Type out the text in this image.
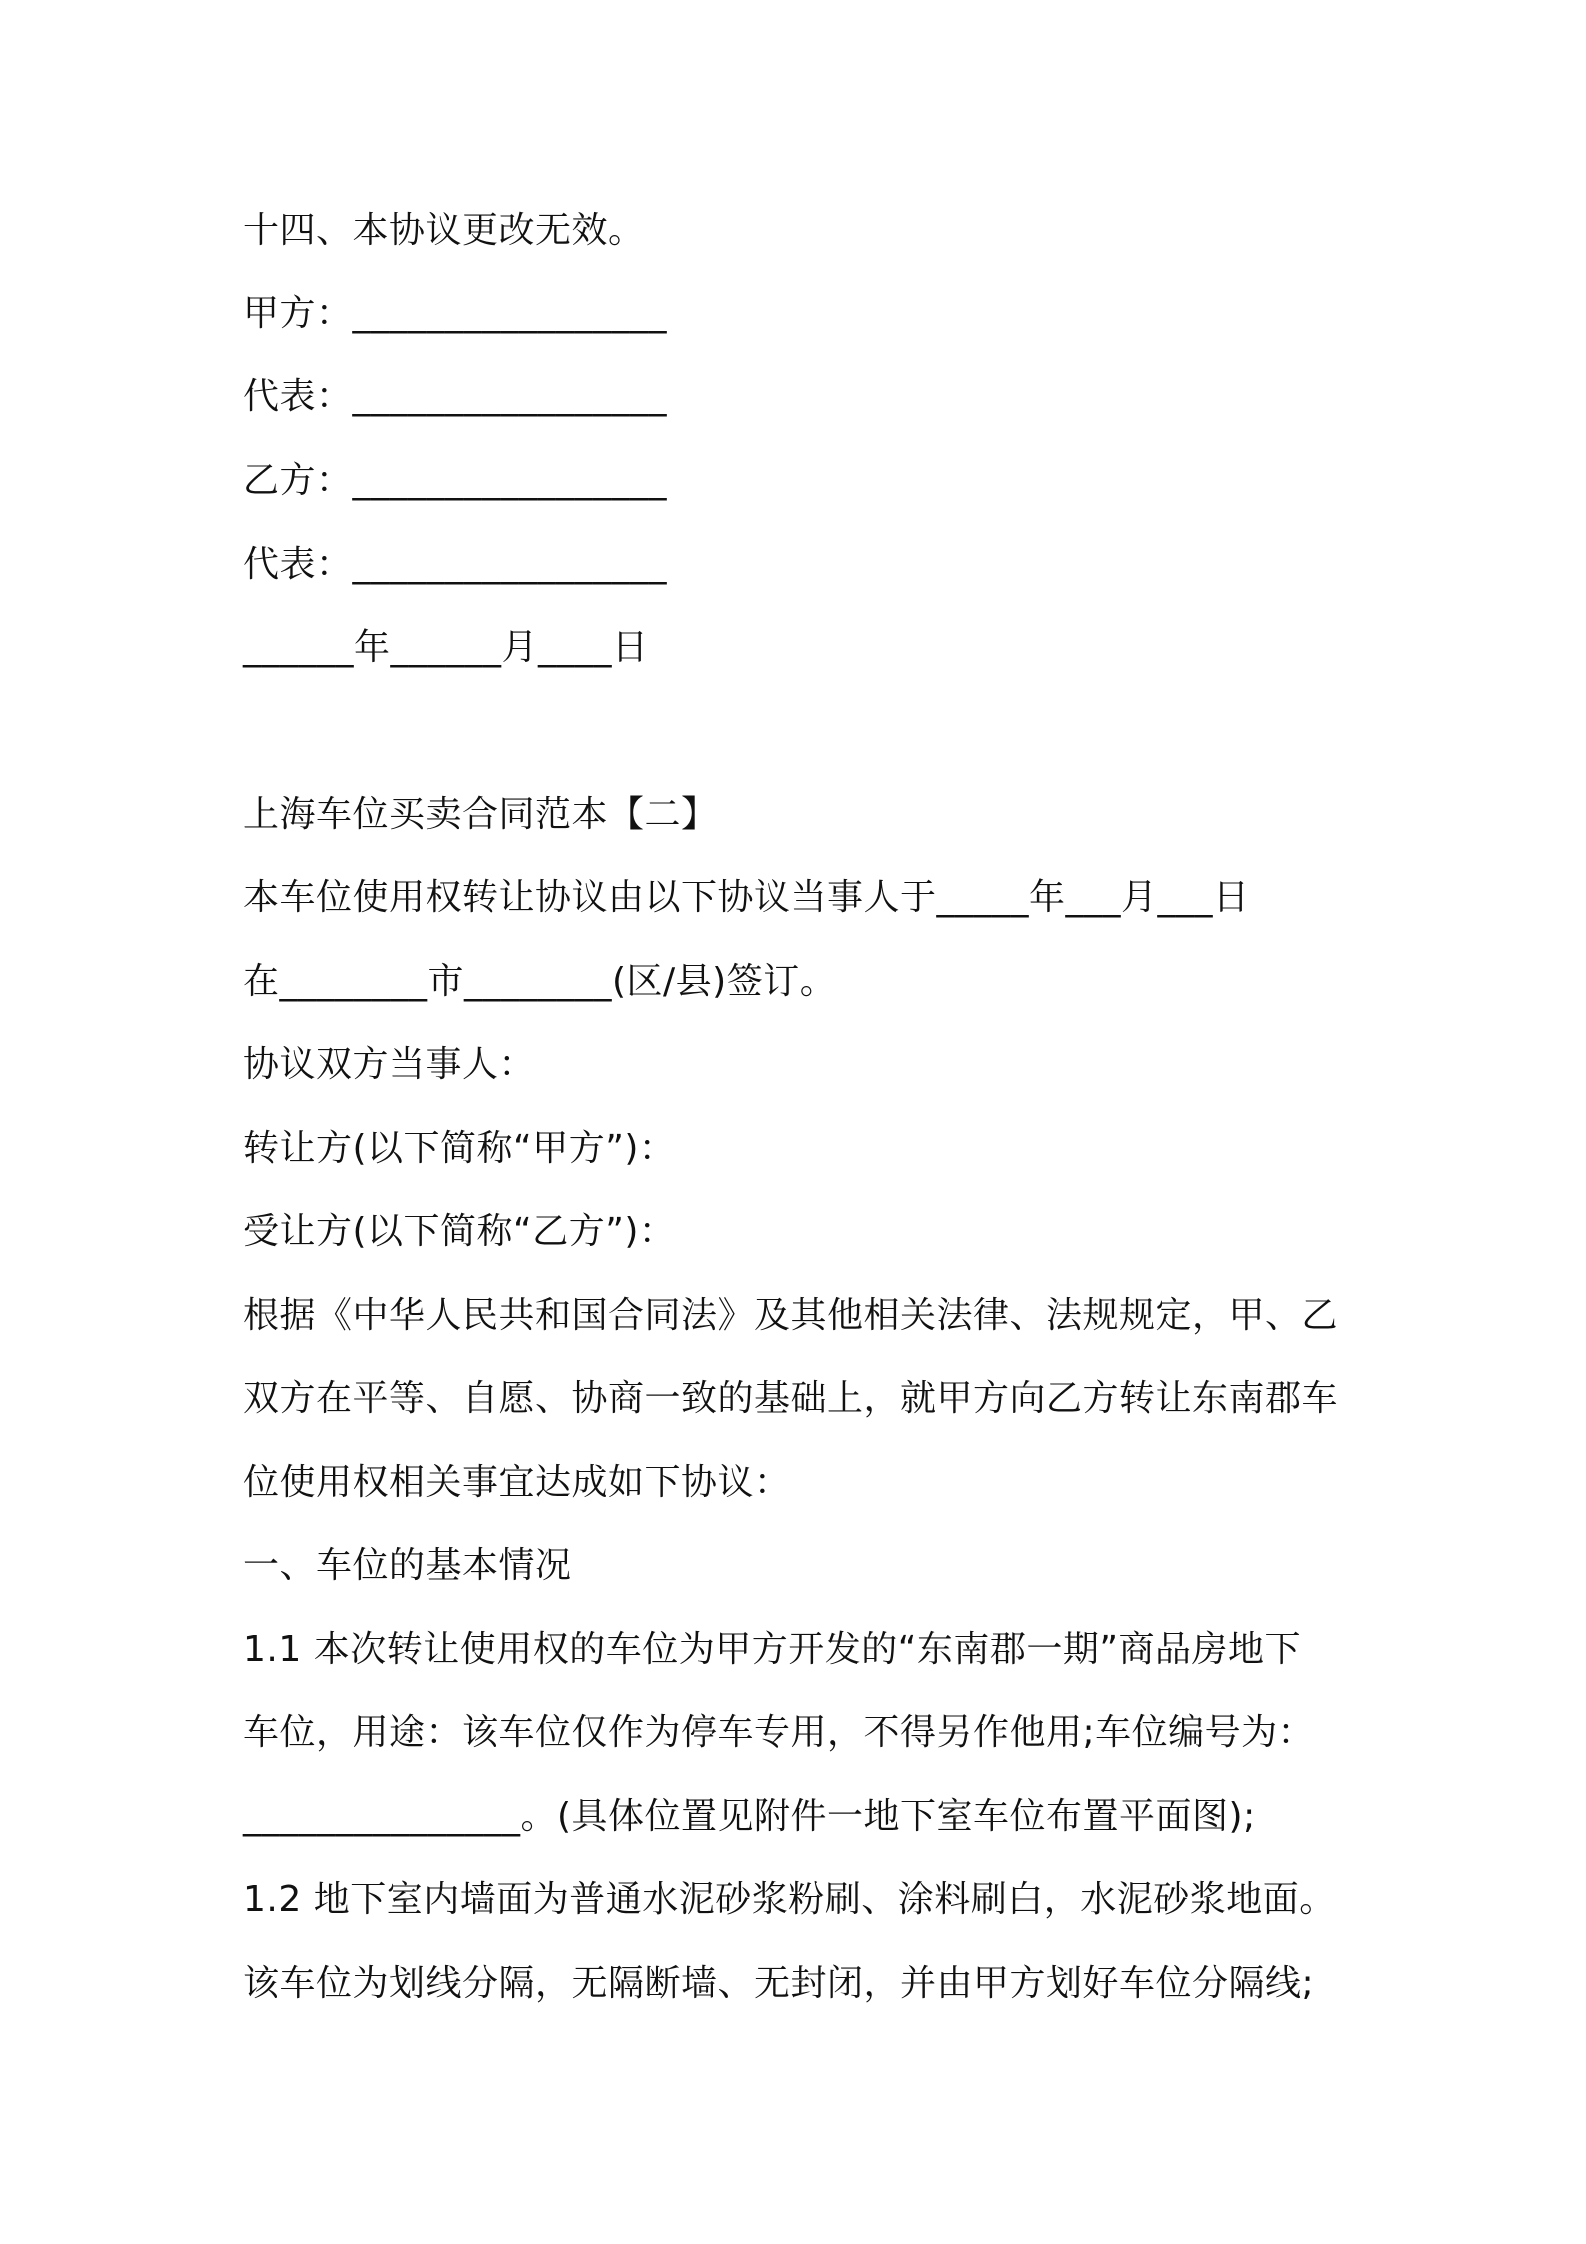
十四、本协议更改无效。
甲方：_________________
代表：_________________
乙方：_________________
代表：_________________
______年______月____日
上海车位买卖合同范本【二】
本车位使用权转让协议由以下协议当事人于_____年___月___日
在________市________(区/县)签订。
协议双方当事人：
转让方(以下简称“甲方”)：
受让方(以下简称“乙方”)：
根据《中华人民共和国合同法》及其他相关法律、法规规定，甲、乙
双方在平等、自愿、协商一致的基础上，就甲方向乙方转让东南郡车
位使用权相关事宜达成如下协议：
一、车位的基本情况
1.1 本次转让使用权的车位为甲方开发的“东南郡一期”商品房地下
车位，用途：该车位仅作为停车专用，不得另作他用;车位编号为：
_______________。(具体位置见附件一地下室车位布置平面图);
1.2 地下室内墙面为普通水泥砂浆粉刷、涂料刷白，水泥砂浆地面。
该车位为划线分隔，无隔断墙、无封闭，并由甲方划好车位分隔线;
